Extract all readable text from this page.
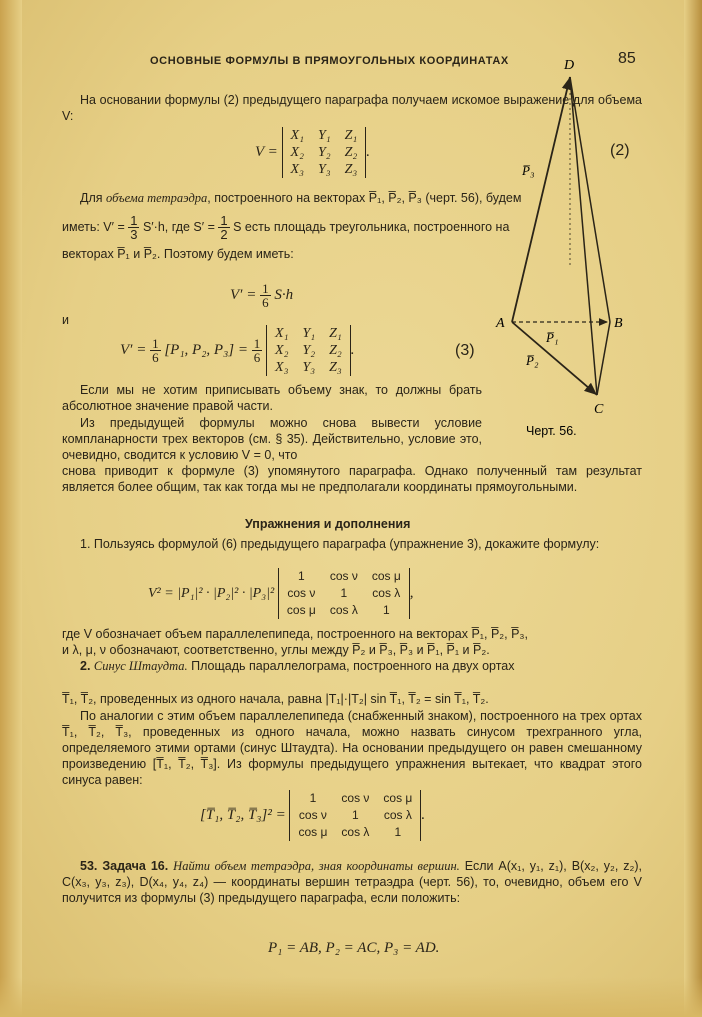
ОСНОВНЫЕ ФОРМУЛЫ В ПРЯМОУГОЛЬНЫХ КООРДИНАТАХ	85
На основании формулы (2) предыдущего параграфа получаем искомое выражение для объема V:
V =
X₁ Y₁ Z₁
X₂ Y₂ Z₂
X₃ Y₃ Z₃
.	(2)
Для объема тетраэдра, построенного на векторах P̅₁, P̅₂, P̅₃ (черт. 56), будем
иметь: $V' = \frac{1}{3} S'\cdot h$, где $S' = \frac{1}{2}$ S есть площадь треугольника, построенного на
векторах P̅₁ и P̅₂. Поэтому будем иметь:
$V' = \frac{1}{6} S\cdot h$
и
$V' = \frac{1}{6} [P_1$, P₂, $P_3] = \frac{1}{6}$

X₁ Y₁ Z₁
X₂ Y₂ Z₂
X₃ Y₃ Z₃
.	(3)
Если мы не хотим приписывать объему знак, то должны брать абсолютное значение правой части.
Из предыдущей формулы можно снова вывести условие компланарности трех векторов (см. § 35). Действительно, условие это, очевидно, сводится к условию V = 0, что
снова приводит к формуле (3) упомянутого параграфа. Однако полученный там результат является более общим, так как тогда мы не предполагали координаты прямоугольными.
D
A	B
C
P̅₃
P̅₁
P̅₂
Черт. 56.
Упражнения и дополнения
1. Пользуясь формулой (6) предыдущего параграфа (упражнение 3), докажите формулу:
V² = |P₁|² · |P₂|² · |P₃|²
1	cos ν cos μ
cos ν	1	cos λ
cos μ cos λ	1
,
где V обозначает объем параллелепипеда, построенного на векторах P̅₁, P̅₂, P̅₃,
и λ, μ, ν обозначают, соответственно, углы между P̅₂ и P̅₃, P̅₃ и P̅₁, P̅₁ и P̅₂.
2. Синус Штаудта. Площадь параллелограма, построенного на двух ортах
T̅₁, T̅₂, проведенных из одного начала, равна |T₁|·|T₂| sin T̅₁, T̅₂ = sin T̅₁, T̅₂.
По аналогии с этим объем параллелепипеда (снабженный знаком), построенного на трех ортах T̅₁, T̅₂, T̅₃, проведенных из одного начала, можно назвать синусом трехгранного угла, определяемого этими ортами (синус Штаудта). На основании предыдущего он равен смешанному произведению [T̅₁, T̅₂, T̅₃]. Из формулы предыдущего упражнения вытекает, что квадрат этого синуса равен:
[T̅₁, T̅₂, T̅₃]² =
1	cos ν cos μ
cos ν	1	cos λ
cos μ cos λ	1
.
53. Задача 16. Найти объем тетраэдра, зная координаты вершин. Если A(x₁, y₁, z₁), B(x₂, y₂, z₂), C(x₃, y₃, z₃), D(x₄, y₄, z₄) — координаты вершин тетраэдра (черт. 56), то, очевидно, объем его V получится из формулы (3) предыдущего параграфа, если положить:
P₁ = AB, P₂ = AC, P₃ = AD.
